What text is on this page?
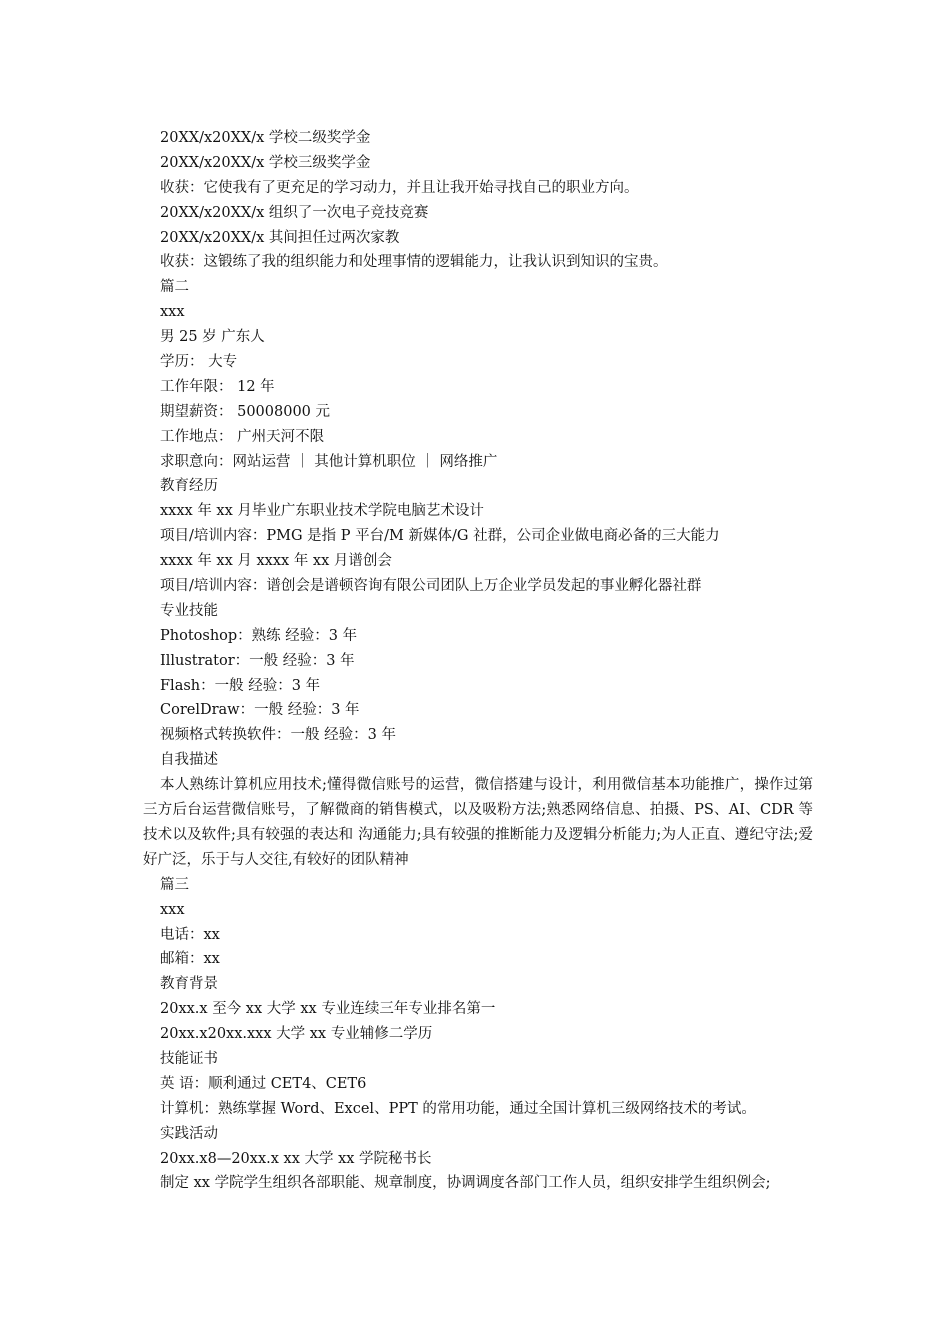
20XX/x20XX/x 学校二级奖学金
20XX/x20XX/x 学校三级奖学金
收获：它使我有了更充足的学习动力，并且让我开始寻找自己的职业方向。
20XX/x20XX/x 组织了一次电子竞技竞赛
20XX/x20XX/x 其间担任过两次家教
收获：这锻练了我的组织能力和处理事情的逻辑能力，让我认识到知识的宝贵。
篇二
xxx
男 25 岁 广东人
学历： 大专
工作年限： 12 年
期望薪资： 50008000 元
工作地点： 广州天河不限
求职意向：网站运营 ｜ 其他计算机职位 ｜ 网络推广
教育经历
xxxx 年 xx 月毕业广东职业技术学院电脑艺术设计
项目/培训内容：PMG 是指 P 平台/M 新媒体/G 社群，公司企业做电商必备的三大能力
xxxx 年 xx 月 xxxx 年 xx 月谱创会
项目/培训内容：谱创会是谱顿咨询有限公司团队上万企业学员发起的事业孵化器社群
专业技能
Photoshop：熟练 经验：3 年
Illustrator：一般 经验：3 年
Flash：一般 经验：3 年
CorelDraw：一般 经验：3 年
视频格式转换软件：一般 经验：3 年
自我描述

本人熟练计算机应用技术;懂得微信账号的运营，微信搭建与设计，利用微信基本功能推广，操作过第三方后台运营微信账号，了解微商的销售模式，以及吸粉方法;熟悉网络信息、拍摄、PS、AI、CDR 等技术以及软件;具有较强的表达和 沟通能力;具有较强的推断能力及逻辑分析能力;为人正直、遵纪守法;爱好广泛，乐于与人交往,有较好的团队精神

篇三
xxx
电话：xx
邮箱：xx
教育背景
20xx.x 至今 xx 大学 xx 专业连续三年专业排名第一
20xx.x20xx.xxx 大学 xx 专业辅修二学历
技能证书
英 语：顺利通过 CET4、CET6
计算机：熟练掌握 Word、Excel、PPT 的常用功能，通过全国计算机三级网络技术的考试。
实践活动
20xx.x8—20xx.x xx 大学 xx 学院秘书长

制定 xx 学院学生组织各部职能、规章制度，协调调度各部门工作人员，组织安排学生组织例会;
